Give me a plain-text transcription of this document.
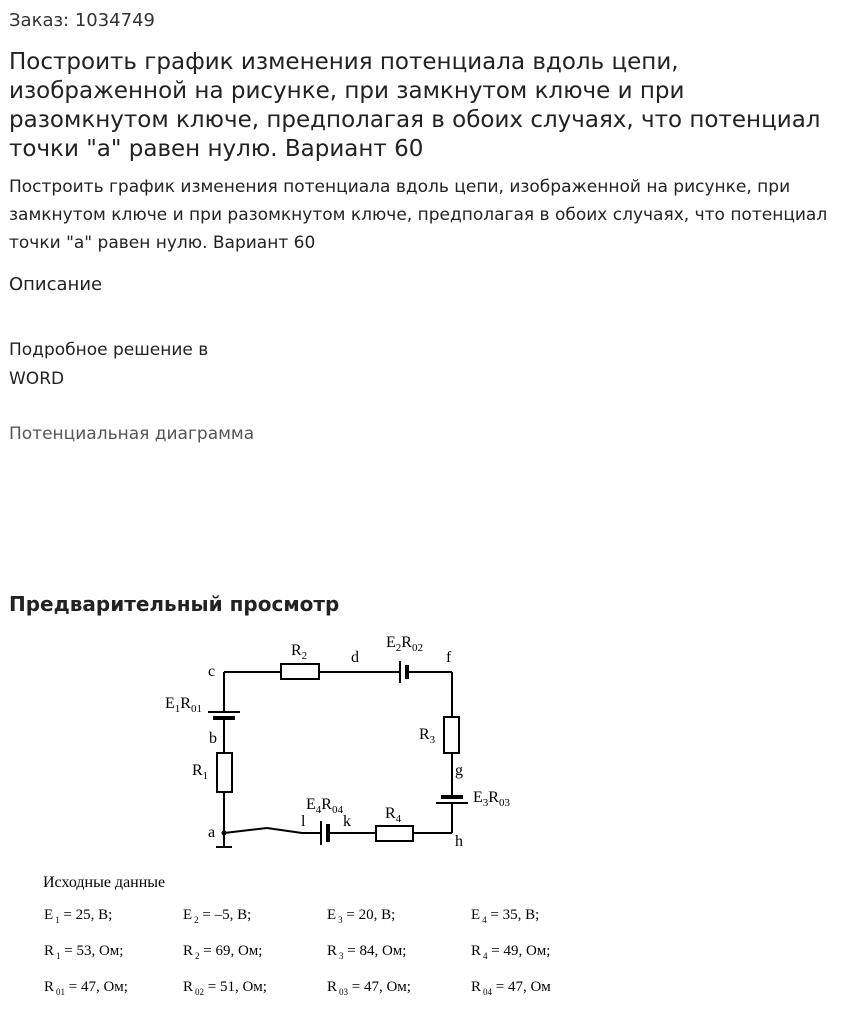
Заказ: 1034749
Построить график изменения потенциала вдоль цепи, изображенной на рисунке, при замкнутом ключе и при разомкнутом ключе, предполагая в обоих случаях, что потенциал точки "а" равен нулю. Вариант 60
Построить график изменения потенциала вдоль цепи, изображенной на рисунке, при замкнутом ключе и при разомкнутом ключе, предполагая в обоих случаях, что потенциал точки "а" равен нулю. Вариант 60
Описание
Подробное решение в WORD
Потенциальная диаграмма
Предварительный просмотр
c
d	f
b
g
a
l k
h
$R_2$
$E_2R_{02}$
$E_1R_{01}$
$R_1$
$R_3$
$E_3R_{03}$
$E_4R_{04}$	$R_4$
Исходные данные
E $_1$ = 25, В;	E $_2$ = –5, В;	E $_3$ = 20, В;	E $_4$ = 35, В;
R $_1$ = 53, Ом;	R $_2$ = 69, Ом;	R $_3$ = 84, Ом;	R $_4$ = 49, Ом;
R $_{01}$ = 47, Ом;	R $_{02}$ = 51, Ом;	R $_{03}$ = 47, Ом;	R $_{04}$ = 47, Ом
